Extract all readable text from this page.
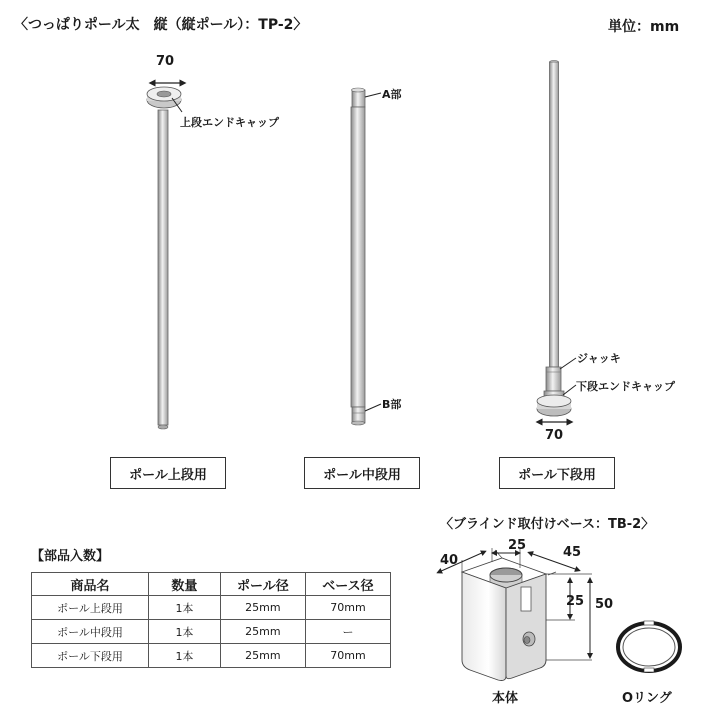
〈つっぱりポール太　縦（縦ポール）：TP-2〉	単位：mm
70
上段エンドキャップ
A部
B部
ジャッキ
下段エンドキャップ
70
ポール上段用	ポール中段用	ポール下段用
【部品入数】
商品名	数量	ポール径	ベース径
ポール上段用	1本	25mm	70mm
ポール中段用	1本	25mm	ー
ポール下段用	1本	25mm	70mm
〈ブラインド取付けベース：TB-2〉
40
25	45
25 50
本体	Oリング
